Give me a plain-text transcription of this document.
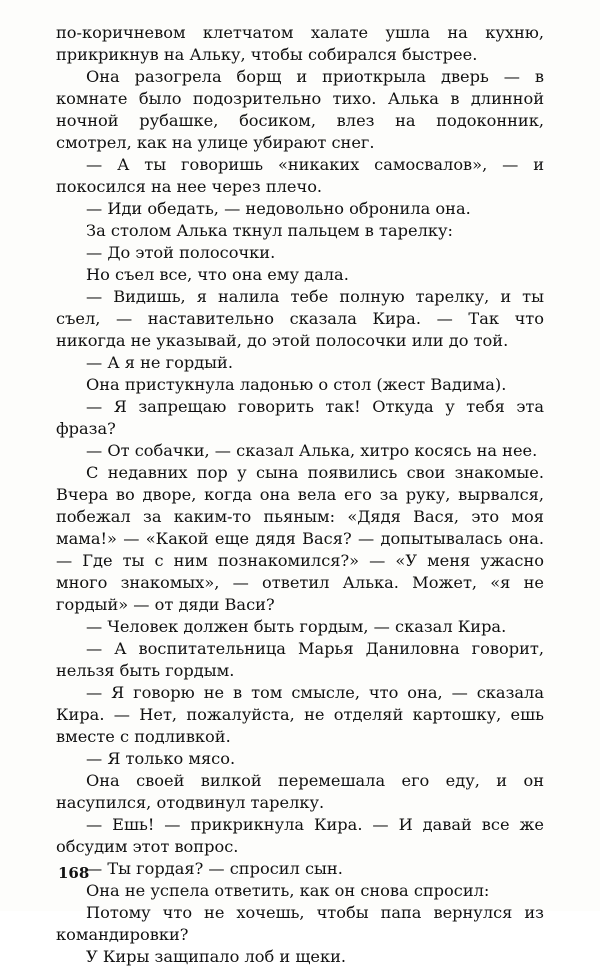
по-коричневом клетчатом халате ушла на кухню, прикрикнув на Альку, чтобы собирался быстрее.

Она разогрела борщ и приоткрыла дверь — в комнате было подозрительно тихо. Алька в длинной ночной рубашке, босиком, влез на подоконник, смотрел, как на улице убирают снег.

— А ты говоришь «никаких самосвалов», — и покосился на нее через плечо.

— Иди обедать, — недовольно обронила она.

За столом Алька ткнул пальцем в тарелку:

— До этой полосочки.

Но съел все, что она ему дала.

— Видишь, я налила тебе полную тарелку, и ты съел, — наставительно сказала Кира. — Так что никогда не указывай, до этой полосочки или до той.

— А я не гордый.

Она пристукнула ладонью о стол (жест Вадима).

— Я запрещаю говорить так! Откуда у тебя эта фраза?

— От собачки, — сказал Алька, хитро косясь на нее.

С недавних пор у сына появились свои знакомые. Вчера во дворе, когда она вела его за руку, вырвался, побежал за каким-то пьяным: «Дядя Вася, это моя мама!» — «Какой еще дядя Вася? — допытывалась она. — Где ты с ним познакомился?» — «У меня ужасно много знакомых», — ответил Алька. Может, «я не гордый» — от дяди Васи?

— Человек должен быть гордым, — сказал Кира.

— А воспитательница Марья Даниловна говорит, нельзя быть гордым.

— Я говорю не в том смысле, что она, — сказала Кира. — Нет, пожалуйста, не отделяй картошку, ешь вместе с подливкой.

— Я только мясо.

Она своей вилкой перемешала его еду, и он насупился, отодвинул тарелку.

— Ешь! — прикрикнула Кира. — И давай все же обсудим этот вопрос.

— Ты гордая? — спросил сын.

Она не успела ответить, как он снова спросил:

Потому что не хочешь, чтобы папа вернулся из командировки?

У Киры защипало лоб и щеки.

168
